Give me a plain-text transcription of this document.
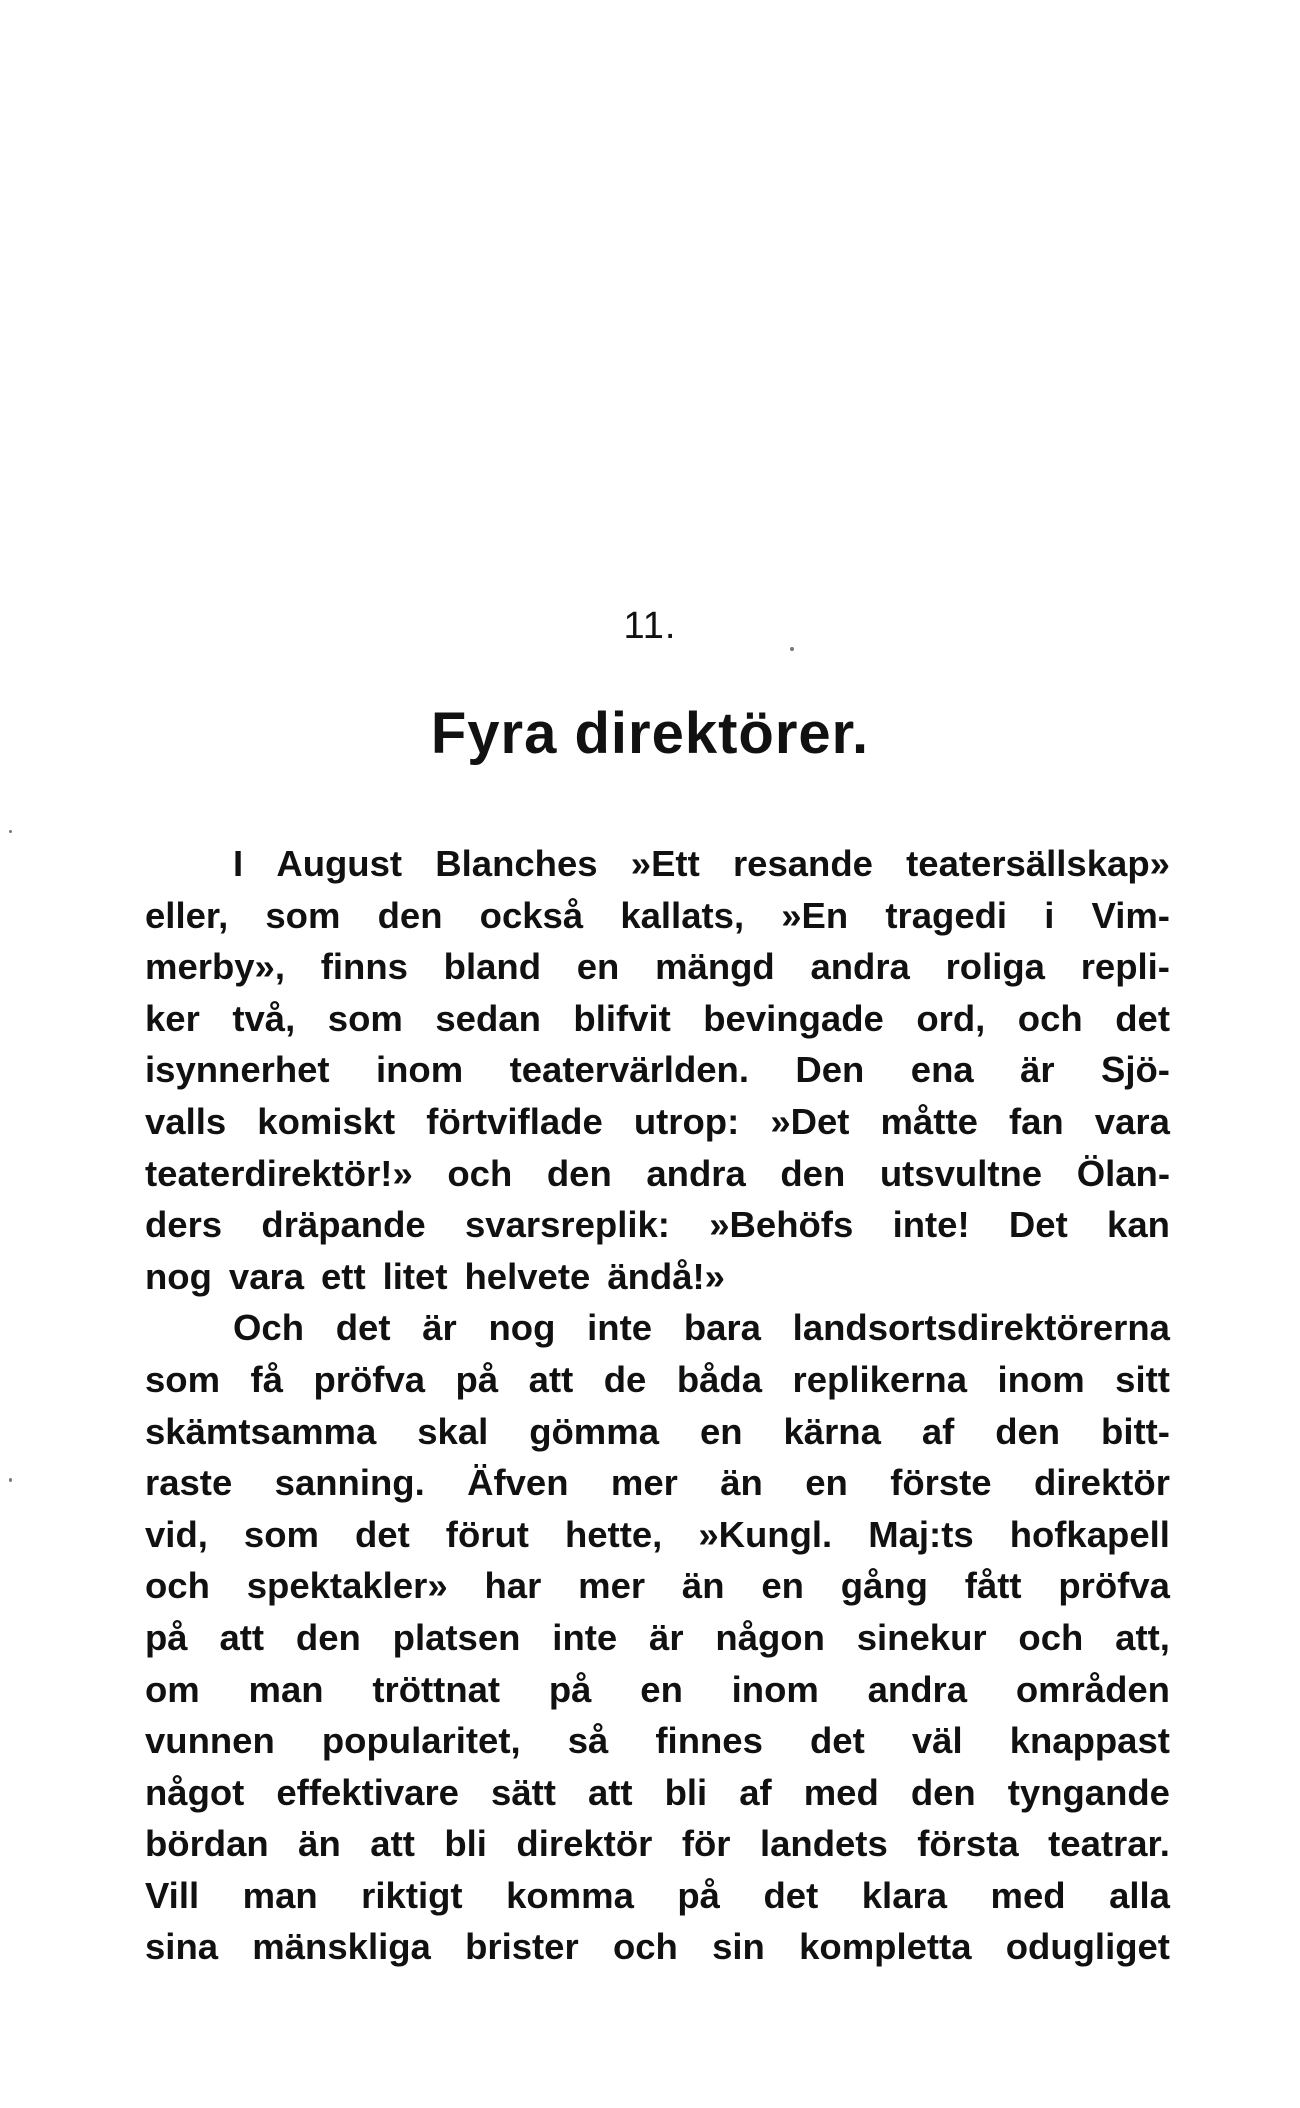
11.
Fyra direktörer.
I August Blanches »Ett resande teatersällskap»
eller, som den också kallats, »En tragedi i Vim-
merby», finns bland en mängd andra roliga repli-
ker två, som sedan blifvit bevingade ord, och det
isynnerhet inom teatervärlden. Den ena är Sjö-
valls komiskt förtviflade utrop: »Det måtte fan vara
teaterdirektör!» och den andra den utsvultne Ölan-
ders dräpande svarsreplik: »Behöfs inte! Det kan
nog vara ett litet helvete ändå!»
Och det är nog inte bara landsortsdirektörerna
som få pröfva på att de båda replikerna inom sitt
skämtsamma skal gömma en kärna af den bitt-
raste sanning. Äfven mer än en förste direktör
vid, som det förut hette, »Kungl. Maj:ts hofkapell
och spektakler» har mer än en gång fått pröfva
på att den platsen inte är någon sinekur och att,
om man tröttnat på en inom andra områden
vunnen popularitet, så finnes det väl knappast
något effektivare sätt att bli af med den tyngande
bördan än att bli direktör för landets första teatrar.
Vill man riktigt komma på det klara med alla
sina mänskliga brister och sin kompletta odugliget
